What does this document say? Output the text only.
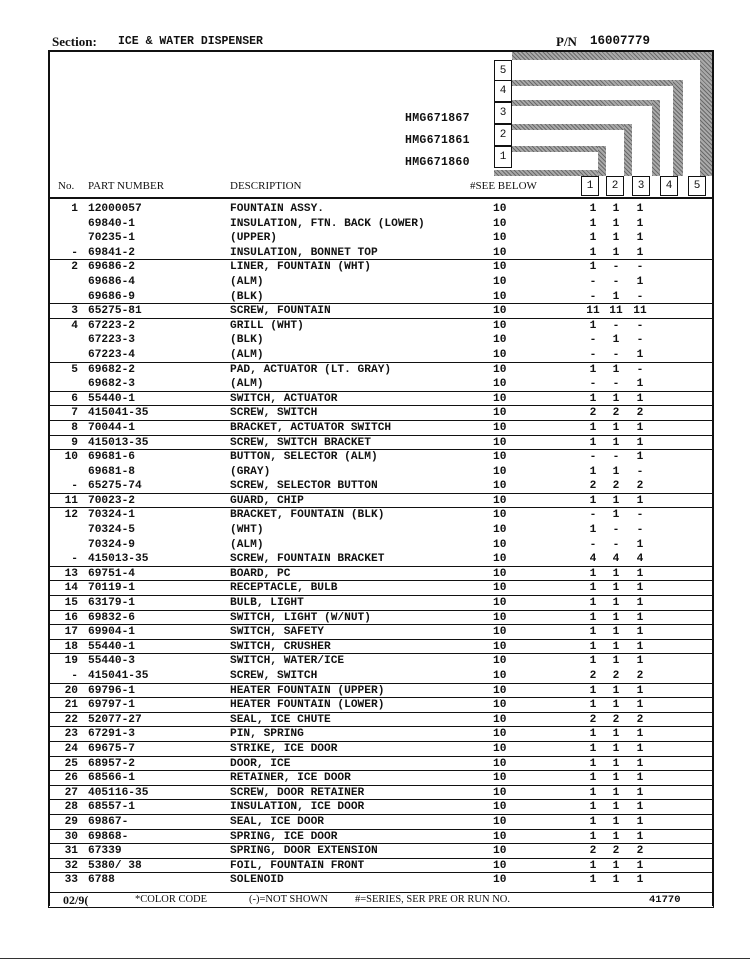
Section: ICE & WATER DISPENSER	P/N 16007779
5
4
HMG671867	3
HMG671861	2
HMG671860	1
No. PART NUMBER	DESCRIPTION	#SEE BELOW	1	2	3	4	5
1 12000057	FOUNTAIN ASSY.	10	1	1	1
69840-1	INSULATION, FTN. BACK (LOWER)	10	1	1	1
70235-1	(UPPER)	10	1	1	1
- 69841-2	INSULATION, BONNET TOP	10	1	1	1
2 69686-2	LINER, FOUNTAIN (WHT)	10	1	-	-
69686-4	(ALM)	10	-	-	1
69686-9	(BLK)	10	-	1	-
3 65275-81	SCREW, FOUNTAIN	10	11 11 11
4 67223-2	GRILL (WHT)	10	1	-	-
67223-3	(BLK)	10	-	1	-
67223-4	(ALM)	10	-	-	1
5 69682-2	PAD, ACTUATOR (LT. GRAY)	10	1	1	-
69682-3	(ALM)	10	-	-	1
6 55440-1	SWITCH, ACTUATOR	10	1	1	1
7 415041-35	SCREW, SWITCH	10	2	2	2
8 70044-1	BRACKET, ACTUATOR SWITCH	10	1	1	1
9 415013-35	SCREW, SWITCH BRACKET	10	1	1	1
10 69681-6	BUTTON, SELECTOR (ALM)	10	-	-	1
69681-8	(GRAY)	10	1	1	-
- 65275-74	SCREW, SELECTOR BUTTON	10	2	2	2
11 70023-2	GUARD, CHIP	10	1	1	1
12 70324-1	BRACKET, FOUNTAIN (BLK)	10	-	1	-
70324-5	(WHT)	10	1	-	-
70324-9	(ALM)	10	-	-	1
- 415013-35	SCREW, FOUNTAIN BRACKET	10	4	4	4
13 69751-4	BOARD, PC	10	1	1	1
14 70119-1	RECEPTACLE, BULB	10	1	1	1
15 63179-1	BULB, LIGHT	10	1	1	1
16 69832-6	SWITCH, LIGHT (W/NUT)	10	1	1	1
17 69904-1	SWITCH, SAFETY	10	1	1	1
18 55440-1	SWITCH, CRUSHER	10	1	1	1
19 55440-3	SWITCH, WATER/ICE	10	1	1	1
- 415041-35	SCREW, SWITCH	10	2	2	2
20 69796-1	HEATER FOUNTAIN (UPPER)	10	1	1	1
21 69797-1	HEATER FOUNTAIN (LOWER)	10	1	1	1
22 52077-27	SEAL, ICE CHUTE	10	2	2	2
23 67291-3	PIN, SPRING	10	1	1	1
24 69675-7	STRIKE, ICE DOOR	10	1	1	1
25 68957-2	DOOR, ICE	10	1	1	1
26 68566-1	RETAINER, ICE DOOR	10	1	1	1
27 405116-35	SCREW, DOOR RETAINER	10	1	1	1
28 68557-1	INSULATION, ICE DOOR	10	1	1	1
29 69867-	SEAL, ICE DOOR	10	1	1	1
30 69868-	SPRING, ICE DOOR	10	1	1	1
31 67339	SPRING, DOOR EXTENSION	10	2	2	2
32 5380/ 38	FOIL, FOUNTAIN FRONT	10	1	1	1
33 6788	SOLENOID	10	1	1	1
02/9(	*COLOR CODE	(-)=NOT SHOWN	#=SERIES, SER PRE OR RUN NO.	41770
